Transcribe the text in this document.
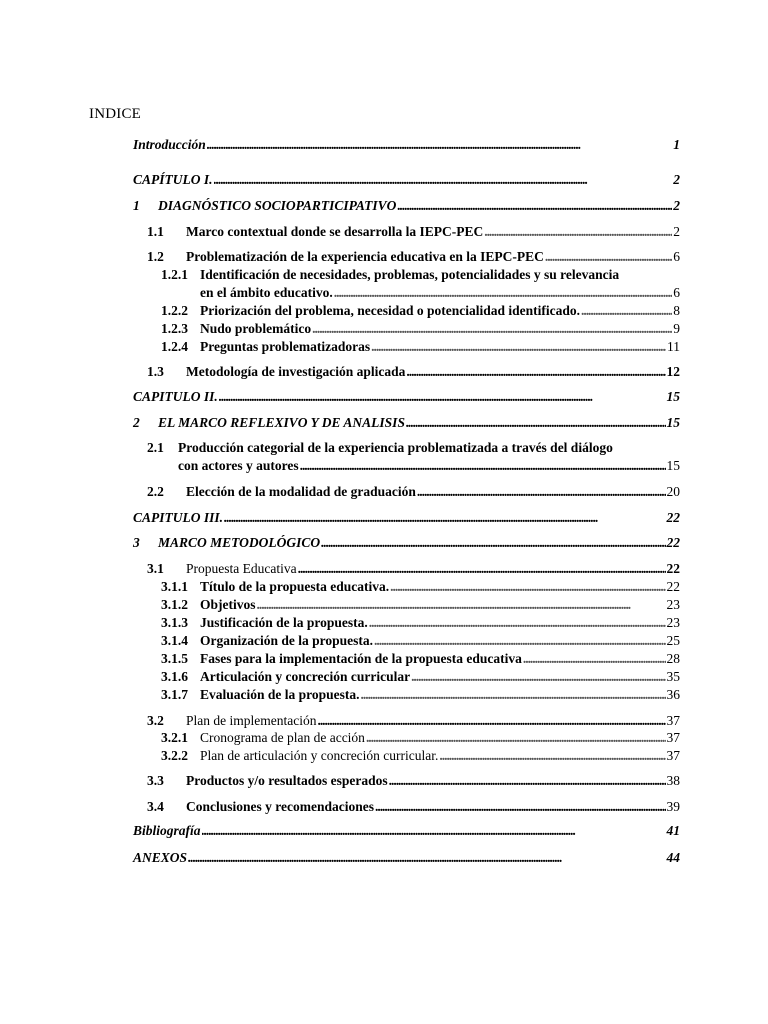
INDICE
Introducción . . .	1
CAPÍTULO I. . . .	2
1	DIAGNÓSTICO SOCIOPARTICIPATIVO . . .	2
1.1	Marco contextual donde se desarrolla la IEPC-PEC . . .	2
1.2	Problematización de la experiencia educativa en la IEPC-PEC . . .	6
1.2.1 Identificación de necesidades, problemas, potencialidades y su relevancia
en el ámbito educativo. . . .	6
1.2.2 Priorización del problema, necesidad o potencialidad identificado. . . .	8
1.2.3 Nudo problemático . . .	9
1.2.4 Preguntas problematizadoras . . .	11
1.3	Metodología de investigación aplicada . . .	12
CAPITULO II. . . .	15
2	EL MARCO REFLEXIVO Y DE ANALISIS . . .	15
2.1	Producción categorial de la experiencia problematizada a través del diálogo
con actores y autores . . .	15
2.2	Elección de la modalidad de graduación . . .	20
CAPITULO III. . . .	22
3	MARCO METODOLÓGICO . . .	22
3.1	Propuesta Educativa . . .	22
3.1.1 Título de la propuesta educativa. . . .	22
3.1.2 Objetivos . . .	23
3.1.3 Justificación de la propuesta. . . .	23
3.1.4 Organización de la propuesta. . . .	25
3.1.5 Fases para la implementación de la propuesta educativa . . .	28
3.1.6 Articulación y concreción curricular . . .	35
3.1.7 Evaluación de la propuesta. . . .	36
3.2	Plan de implementación . . .	37
3.2.1 Cronograma de plan de acción . . .	37
3.2.2 Plan de articulación y concreción curricular. . . .	37
3.3	Productos y/o resultados esperados . . .	38
3.4	Conclusiones y recomendaciones . . .	39
Bibliografía . . .	41
ANEXOS . . .	44
